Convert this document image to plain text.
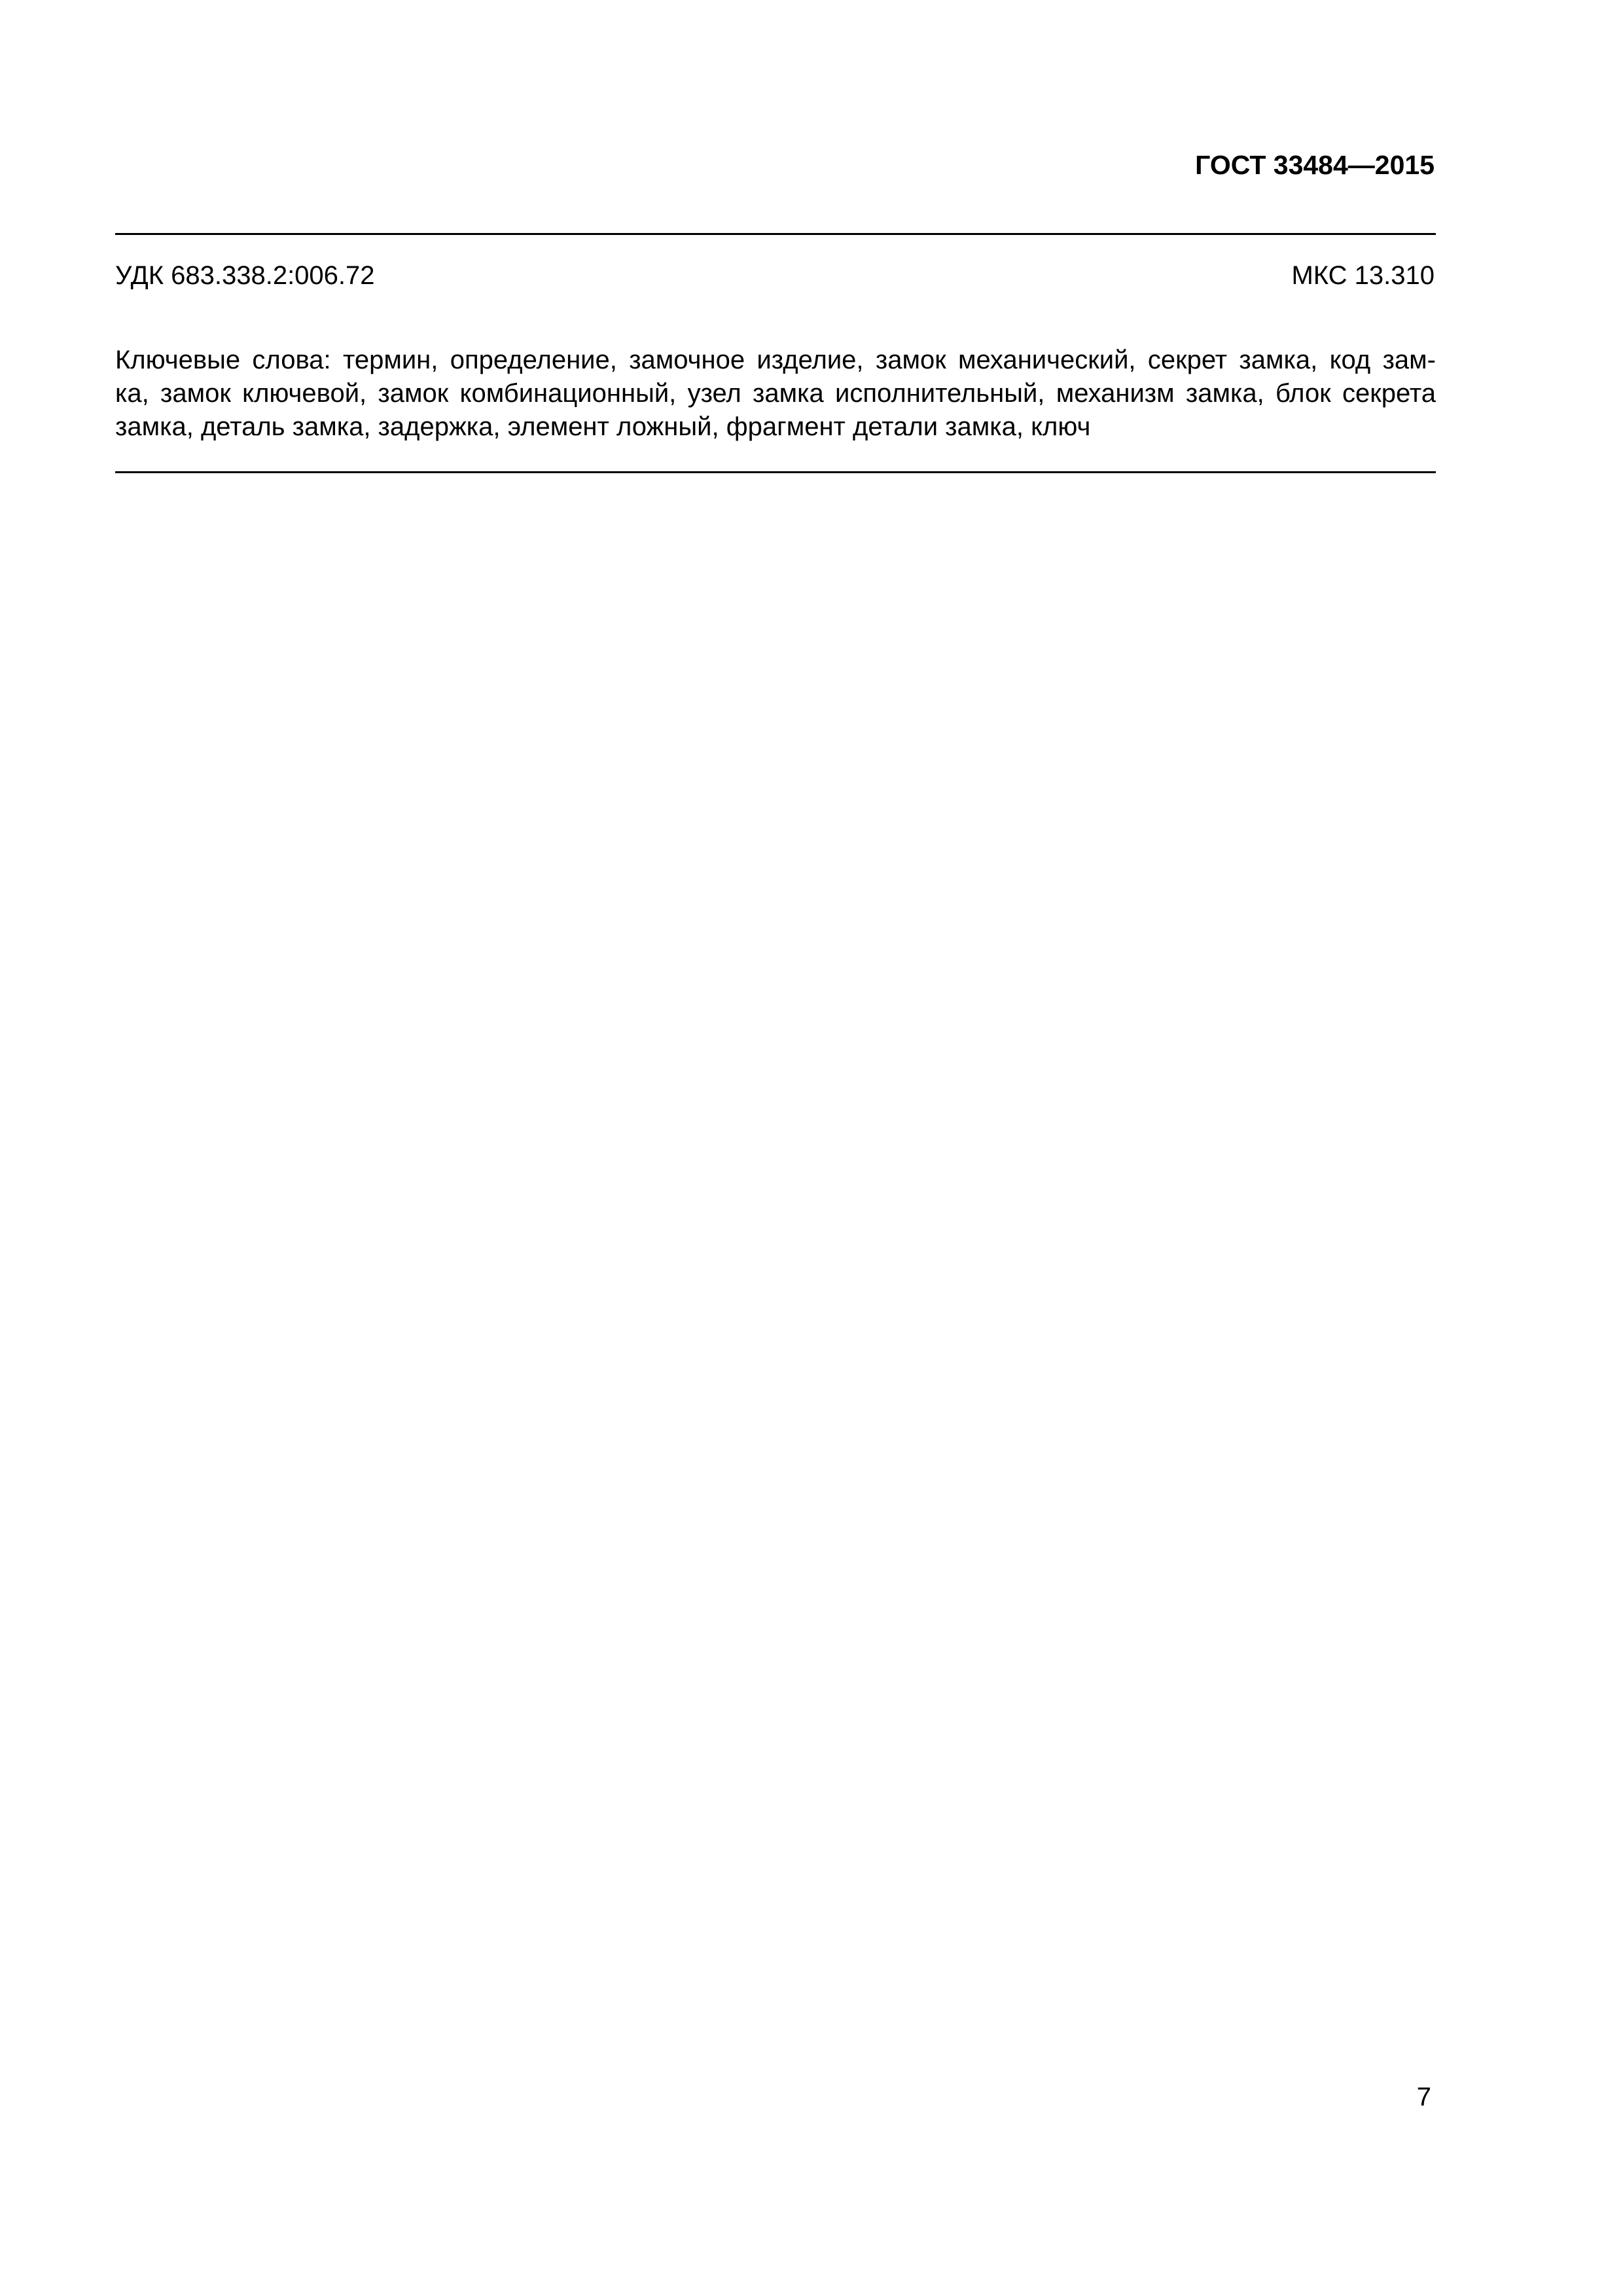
ГОСТ 33484—2015
УДК 683.338.2:006.72	МКС 13.310
Ключевые слова: термин, определение, замочное изделие, замок механический, секрет замка, код зам-
ка, замок ключевой, замок комбинационный, узел замка исполнительный, механизм замка, блок секрета
замка, деталь замка, задержка, элемент ложный, фрагмент детали замка, ключ
7
